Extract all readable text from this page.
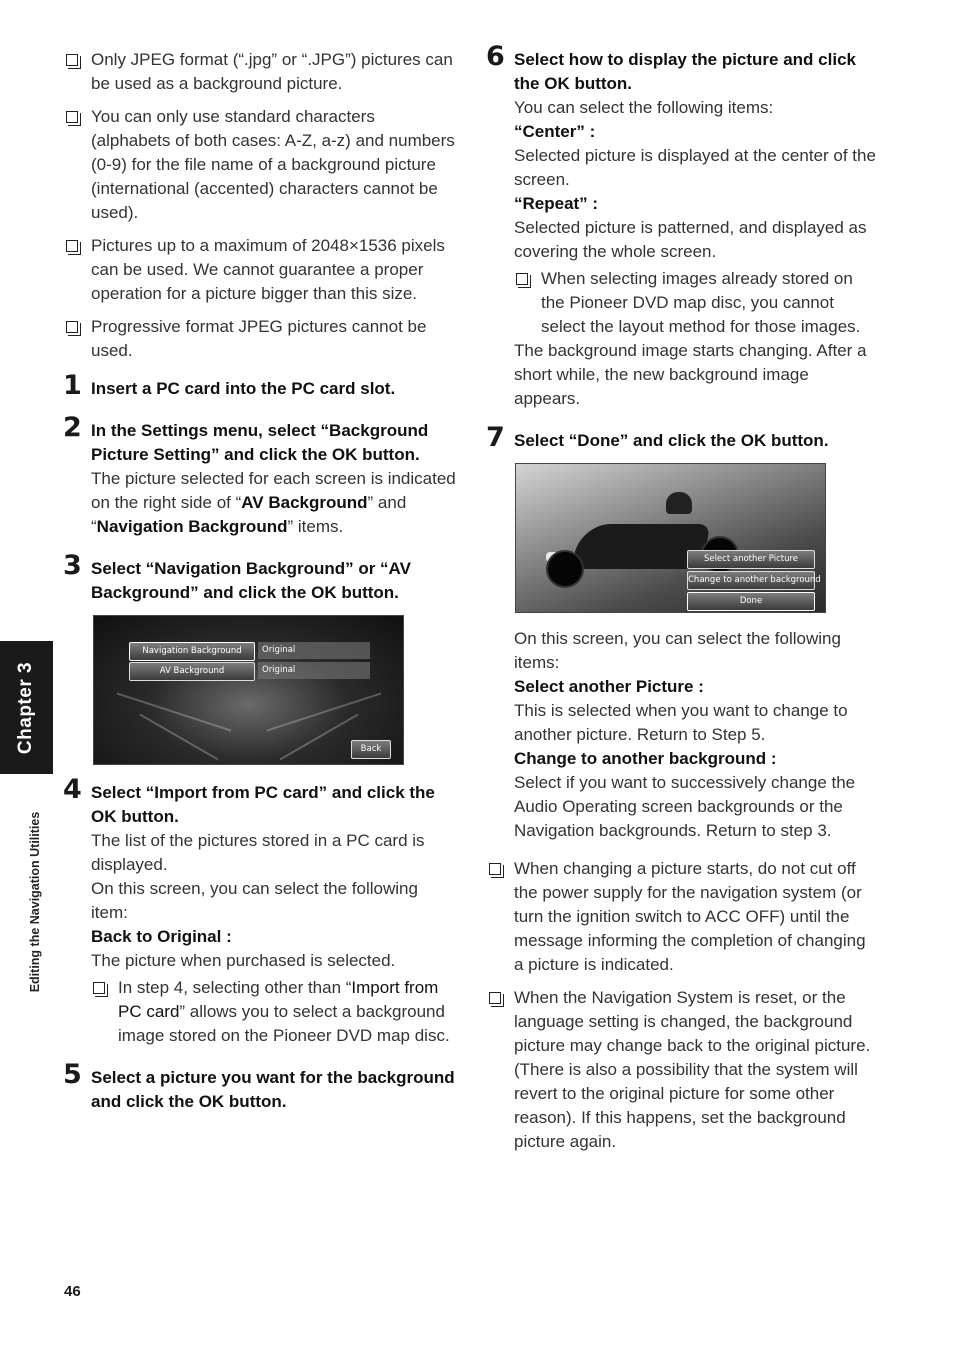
Chapter 3
Editing the Navigation Utilities
Only JPEG format (“.jpg” or “.JPG”) pictures can be used as a background picture.
You can only use standard characters (alphabets of both cases: A-Z, a-z) and numbers (0-9) for the file name of a background picture (international (accented) characters cannot be used).
Pictures up to a maximum of 2048×1536 pixels can be used. We cannot guarantee a proper operation for a picture bigger than this size.
Progressive format JPEG pictures cannot be used.
1 Insert a PC card into the PC card slot.
2 In the Settings menu, select “Background Picture Setting” and click the OK button.

The picture selected for each screen is indicated on the right side of “AV Background” and “Navigation Background” items.

3 Select “Navigation Background” or “AV Background” and click the OK button.
Navigation Background	Original
AV Background	Original
Back
4 Select “Import from PC card” and click the OK button.

The list of the pictures stored in a PC card is displayed.

On this screen, you can select the following item:

Back to Original :

The picture when purchased is selected.

In step 4, selecting other than “Import from PC card” allows you to select a background image stored on the Pioneer DVD map disc.
5 Select a picture you want for the background and click the OK button.
6 Select how to display the picture and click the OK button.

You can select the following items:

“Center” :

Selected picture is displayed at the center of the screen.

“Repeat” :

Selected picture is patterned, and displayed as covering the whole screen.

When selecting images already stored on the Pioneer DVD map disc, you cannot select the layout method for those images.

The background image starts changing. After a short while, the new background image appears.

7 Select “Done” and click the OK button.
Select another Picture
Change to another background
Done

On this screen, you can select the following items:

Select another Picture :

This is selected when you want to change to another picture. Return to Step 5.

Change to another background :

Select if you want to successively change the Audio Operating screen backgrounds or the Navigation backgrounds. Return to step 3.

When changing a picture starts, do not cut off the power supply for the navigation system (or turn the ignition switch to ACC OFF) until the message informing the completion of changing a picture is indicated.
When the Navigation System is reset, or the language setting is changed, the background picture may change back to the original picture. (There is also a possibility that the system will revert to the original picture for some other reason). If this happens, set the background picture again.
46
